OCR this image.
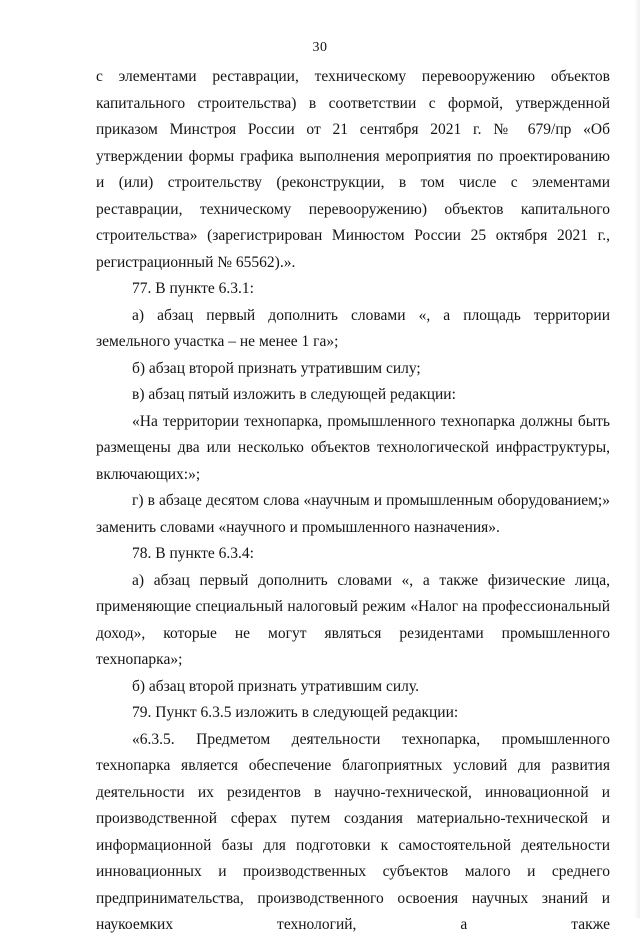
30

с элементами реставрации, техническому перевооружению объектов капитального строительства) в соответствии с формой, утвержденной приказом Минстроя России от 21 сентября 2021 г. № 679/пр «Об утверждении формы графика выполнения мероприятия по проектированию и (или) строительству (реконструкции, в том числе с элементами реставрации, техническому перевооружению) объектов капитального строительства» (зарегистрирован Минюстом России 25 октября 2021 г., регистрационный № 65562).».

77. В пункте 6.3.1:

а) абзац первый дополнить словами «, а площадь территории земельного участка – не менее 1 га»;

б) абзац второй признать утратившим силу;

в) абзац пятый изложить в следующей редакции:

«На территории технопарка, промышленного технопарка должны быть размещены два или несколько объектов технологической инфраструктуры, включающих:»;

г) в абзаце десятом слова «научным и промышленным оборудованием;» заменить словами «научного и промышленного назначения».

78. В пункте 6.3.4:

а) абзац первый дополнить словами «, а также физические лица, применяющие специальный налоговый режим «Налог на профессиональный доход», которые не могут являться резидентами промышленного технопарка»;

б) абзац второй признать утратившим силу.

79. Пункт 6.3.5 изложить в следующей редакции:

«6.3.5. Предметом деятельности технопарка, промышленного технопарка является обеспечение благоприятных условий для развития деятельности их резидентов в научно-технической, инновационной и производственной сферах путем создания материально-технической и информационной базы для подготовки к самостоятельной деятельности инновационных и производственных субъектов малого и среднего предпринимательства, производственного освоения научных знаний и наукоемких технологий, а также
